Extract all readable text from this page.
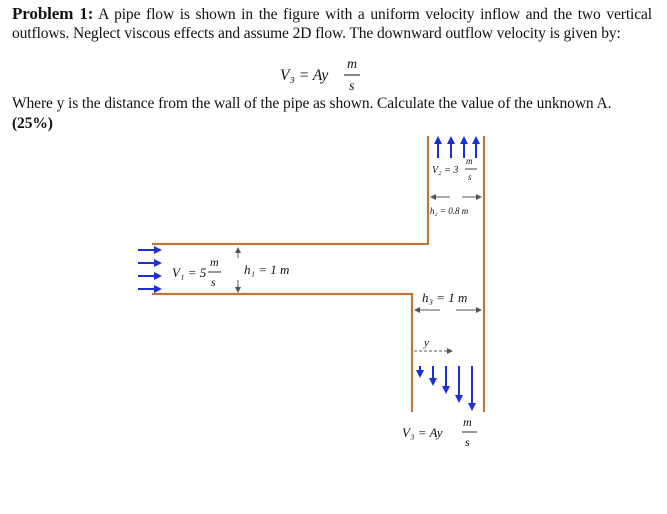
Problem 1: A pipe flow is shown in the figure with a uniform velocity inflow and the two vertical outflows. Neglect viscous effects and assume 2D flow. The downward outflow velocity is given by:

V₃ = Ay
m
s

Where y is the distance from the wall of the pipe as shown. Calculate the value of the unknown A.

(25%)

V₁ = 5
m
s
h₁ = 1 m
V₂ = 3
m
s
h₂ = 0.8 m
h₃ = 1 m
y
V₃ = Ay
m
s
